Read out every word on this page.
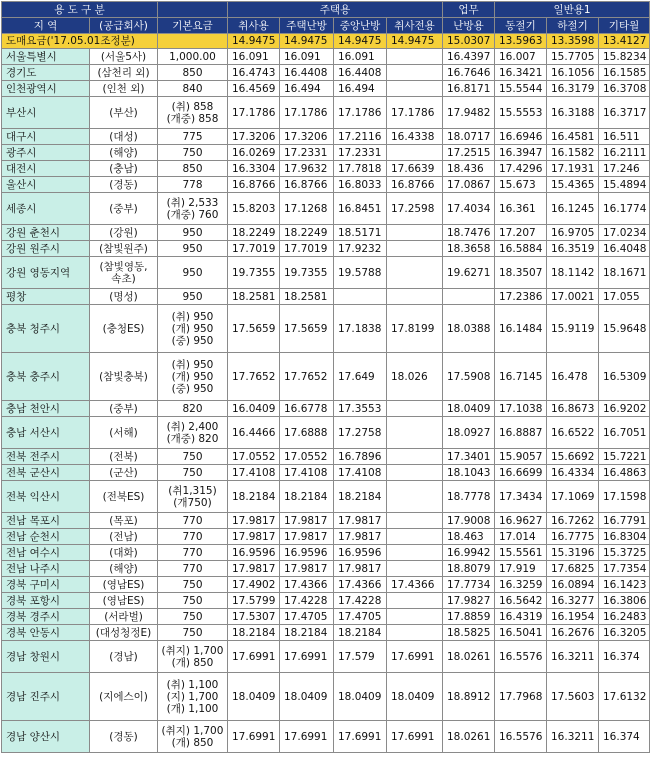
용 도 구 분			주택용				업무	일반용1		
지 역	(공급회사)	기본요금	취사용	주택난방	중앙난방	취사전용	난방용	동절기	하절기	기타월
도매요금('17.05.01조정분)			14.9475	14.9475	14.9475	14.9475	15.0307	13.5963	13.3598	13.4127
서울특별시	(서울5사)	1,000.00	16.091	16.091	16.091		16.4397	16.007	15.7705	15.8234
경기도	(삼천리 외)	850	16.4743	16.4408	16.4408		16.7646	16.3421	16.1056	16.1585
인천광역시	(인천 외)	840	16.4569	16.494	16.494		16.8171	15.5544	16.3179	16.3708
부산시	(부산)	(취) 858
(개중) 858	17.1786	17.1786	17.1786	17.1786	17.9482	15.5553	16.3188	16.3717
대구시	(대성)	775	17.3206	17.3206	17.2116	16.4338	18.0717	16.6946	16.4581	16.511
광주시	(해양)	750	16.0269	17.2331	17.2331		17.2515	16.3947	16.1582	16.2111
대전시	(충남)	850	16.3304	17.9632	17.7818	17.6639	18.436	17.4296	17.1931	17.246
울산시	(경동)	778	16.8766	16.8766	16.8033	16.8766	17.0867	15.673	15.4365	15.4894
세종시	(중부)	(취) 2,533
(개중) 760	15.8203	17.1268	16.8451	17.2598	17.4034	16.361	16.1245	16.1774
강원 춘천시	(강원)	950	18.2249	18.2249	18.5171		18.7476	17.207	16.9705	17.0234
강원 원주시	(참빛원주)	950	17.7019	17.7019	17.9232		18.3658	16.5884	16.3519	16.4048
강원 영동지역	(참빛영동,
속초)	950	19.7355	19.7355	19.5788		19.6271	18.3507	18.1142	18.1671
평창	(명성)	950	18.2581	18.2581				17.2386	17.0021	17.055
충북 청주시	(충청ES)	(취) 950
(개) 950
(중) 950	17.5659	17.5659	17.1838	17.8199	18.0388	16.1484	15.9119	15.9648
충북 충주시	(참빛충북)	(취) 950
(개) 950
(중) 950	17.7652	17.7652	17.649	18.026	17.5908	16.7145	16.478	16.5309
충남 천안시	(중부)	820	16.0409	16.6778	17.3553		18.0409	17.1038	16.8673	16.9202
충남 서산시	(서해)	(취) 2,400
(개중) 820	16.4466	17.6888	17.2758		18.0927	16.8887	16.6522	16.7051
전북 전주시	(전북)	750	17.0552	17.0552	16.7896		17.3401	15.9057	15.6692	15.7221
전북 군산시	(군산)	750	17.4108	17.4108	17.4108		18.1043	16.6699	16.4334	16.4863
전북 익산시	(전북ES)	(취1,315)
(개750)	18.2184	18.2184	18.2184		18.7778	17.3434	17.1069	17.1598
전남 목포시	(목포)	770	17.9817	17.9817	17.9817		17.9008	16.9627	16.7262	16.7791
전남 순천시	(전남)	770	17.9817	17.9817	17.9817		18.463	17.014	16.7775	16.8304
전남 여수시	(대화)	770	16.9596	16.9596	16.9596		16.9942	15.5561	15.3196	15.3725
전남 나주시	(해양)	770	17.9817	17.9817	17.9817		18.8079	17.919	17.6825	17.7354
경북 구미시	(영남ES)	750	17.4902	17.4366	17.4366	17.4366	17.7734	16.3259	16.0894	16.1423
경북 포항시	(영남ES)	750	17.5799	17.4228	17.4228		17.9827	16.5642	16.3277	16.3806
경북 경주시	(서라벌)	750	17.5307	17.4705	17.4705		17.8859	16.4319	16.1954	16.2483
경북 안동시	(대성청정E)	750	18.2184	18.2184	18.2184		18.5825	16.5041	16.2676	16.3205
경남 창원시	(경남)	(취지) 1,700
(개) 850	17.6991	17.6991	17.579	17.6991	18.0261	16.5576	16.3211	16.374
경남 진주시	(지에스이)	(취) 1,100
(지) 1,700
(개) 1,100	18.0409	18.0409	18.0409	18.0409	18.8912	17.7968	17.5603	17.6132
경남 양산시	(경동)	(취지) 1,700
(개) 850	17.6991	17.6991	17.6991	17.6991	18.0261	16.5576	16.3211	16.374
